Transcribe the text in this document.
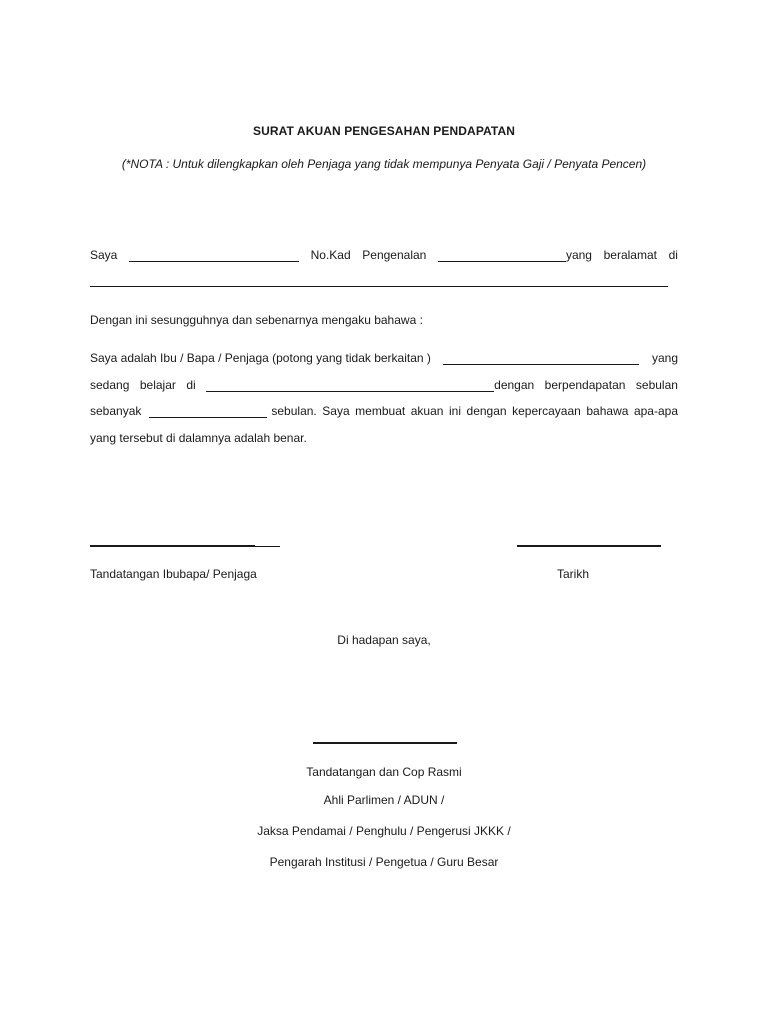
SURAT AKUAN PENGESAHAN PENDAPATAN
(*NOTA : Untuk dilengkapkan oleh Penjaga yang tidak mempunya Penyata Gaji / Penyata Pencen)
Saya	No.Kad Pengenalan	yang beralamat di
Dengan ini sesungguhnya dan sebenarnya mengaku bahawa :
Saya adalah Ibu / Bapa / Penjaga (potong yang tidak berkaitan )	yang
sedang belajar di	dengan berpendapatan sebulan
sebanyak	sebulan. Saya membuat akuan ini dengan kepercayaan bahawa apa-apa
yang tersebut di dalamnya adalah benar.
Tandatangan Ibubapa/ Penjaga	Tarikh
Di hadapan saya,
Tandatangan dan Cop Rasmi
Ahli Parlimen / ADUN /
Jaksa Pendamai / Penghulu / Pengerusi JKKK /
Pengarah Institusi / Pengetua / Guru Besar
